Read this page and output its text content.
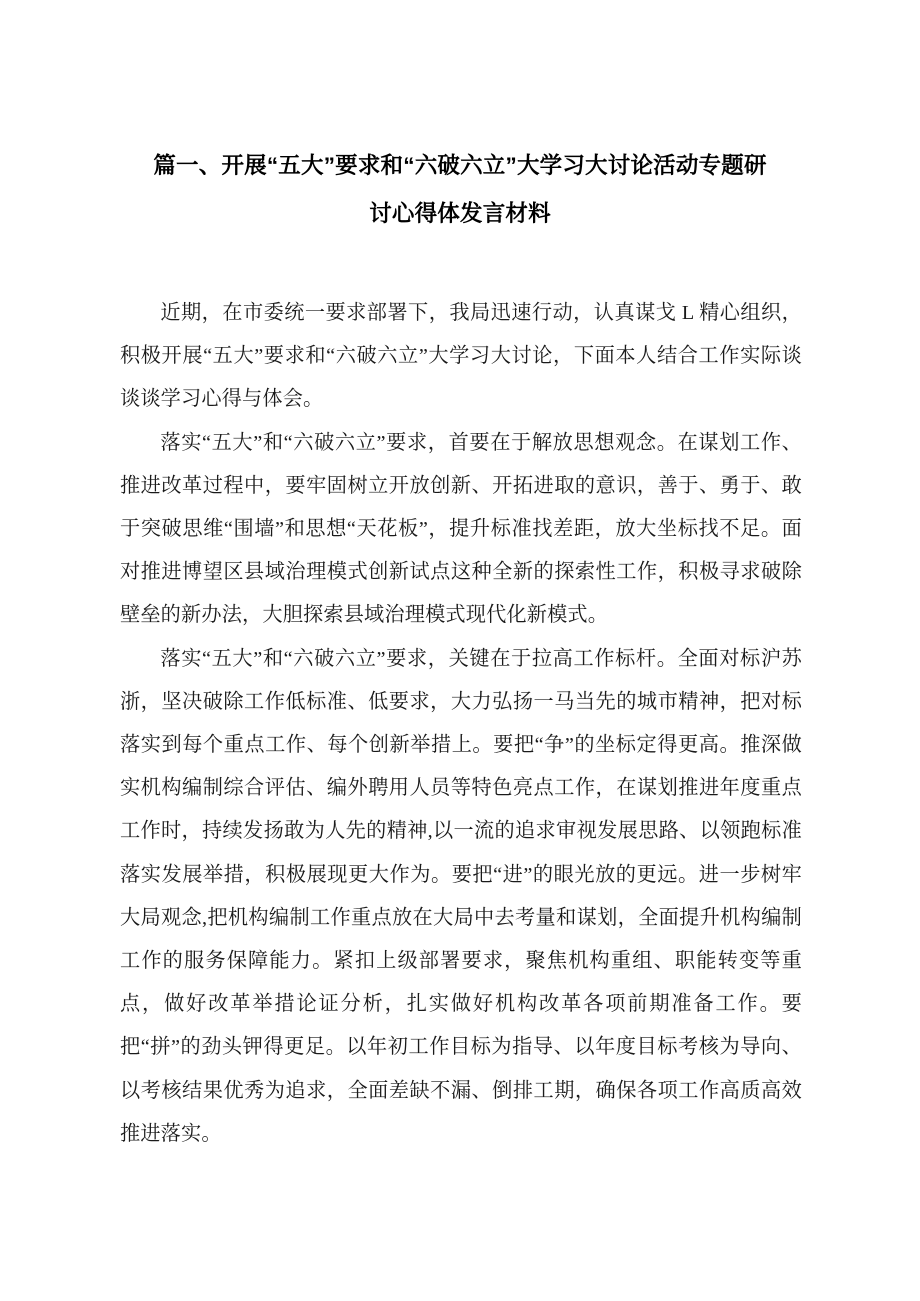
篇一、开展“五大”要求和“六破六立”大学习大讨论活动专题研
讨心得体发言材料

近期，在市委统一要求部署下，我局迅速行动，认真谋戈 L 精心组织，积极开展“五大”要求和“六破六立”大学习大讨论，下面本人结合工作实际谈谈谈学习心得与体会。

落实“五大”和“六破六立”要求，首要在于解放思想观念。在谋划工作、推进改革过程中，要牢固树立开放创新、开拓进取的意识，善于、勇于、敢于突破思维“围墙”和思想“天花板”，提升标准找差距，放大坐标找不足。面对推进博望区县域治理模式创新试点这种全新的探索性工作，积极寻求破除壁垒的新办法，大胆探索县域治理模式现代化新模式。

落实“五大”和“六破六立”要求，关键在于拉高工作标杆。全面对标沪苏浙，坚决破除工作低标准、低要求，大力弘扬一马当先的城市精神，把对标落实到每个重点工作、每个创新举措上。要把“争”的坐标定得更高。推深做实机构编制综合评估、编外聘用人员等特色亮点工作，在谋划推进年度重点工作时，持续发扬敢为人先的精神,以一流的追求审视发展思路、以领跑标准落实发展举措，积极展现更大作为。要把“进”的眼光放的更远。进一步树牢大局观念,把机构编制工作重点放在大局中去考量和谋划，全面提升机构编制工作的服务保障能力。紧扣上级部署要求，聚焦机构重组、职能转变等重点，做好改革举措论证分析，扎实做好机构改革各项前期准备工作。要把“拼”的劲头钾得更足。以年初工作目标为指导、以年度目标考核为导向、以考核结果优秀为追求，全面差缺不漏、倒排工期，确保各项工作高质高效推进落实。
